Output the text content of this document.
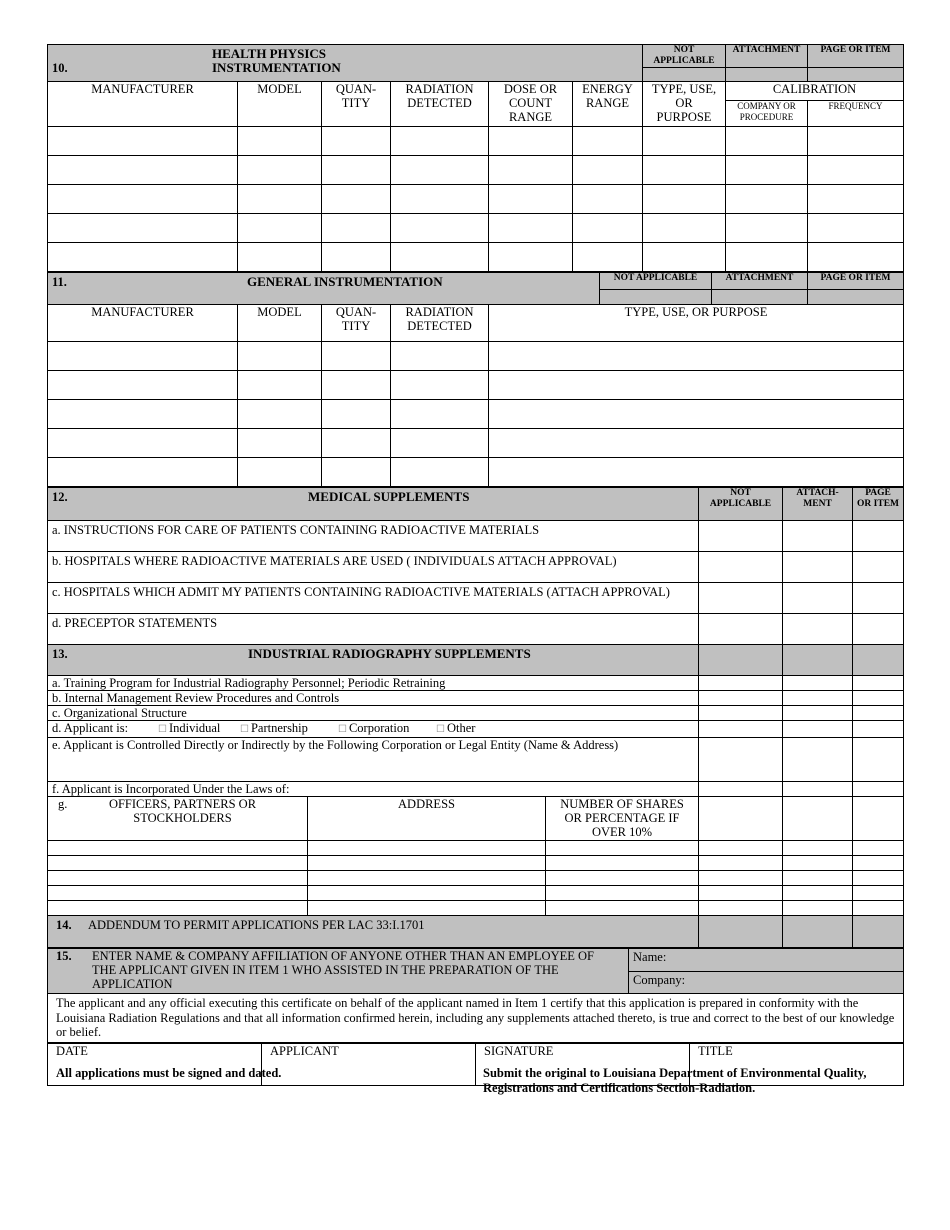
10.HEALTH PHYSICS INSTRUMENTATION						NOT APPLICABLE	ATTACHMENT	PAGE OR ITEM

MANUFACTURER	MODEL	QUAN-TITY	RADIATION DETECTED	DOSE OR COUNT RANGE	ENERGY RANGE	TYPE, USE, OR PURPOSE	CALIBRATION	
							COMPANY OR PROCEDURE	FREQUENCY

11. GENERAL INSTRUMENTATION					NOT APPLICABLE	ATTACHMENT	PAGE OR ITEM

MANUFACTURER	MODEL	QUAN-TITY	RADIATION DETECTED	TYPE, USE, OR PURPOSE			

12. MEDICAL SUPPLEMENTS			NOT APPLICABLE	ATTACH-MENT	PAGE OR ITEM
a. INSTRUCTIONS FOR CARE OF PATIENTS CONTAINING RADIOACTIVE MATERIALS					
b. HOSPITALS WHERE RADIOACTIVE MATERIALS ARE USED ( INDIVIDUALS ATTACH APPROVAL)					
c. HOSPITALS WHICH ADMIT MY PATIENTS CONTAINING RADIOACTIVE MATERIALS (ATTACH APPROVAL)					
d. PRECEPTOR STATEMENTS					
13. INDUSTRIAL RADIOGRAPHY SUPPLEMENTS					
a. Training Program for Industrial Radiography Personnel; Periodic Retraining					
b. Internal Management Review Procedures and Controls					
c. Organizational Structure					
d. Applicant is: ☐ Individual ☐ Partnership ☐ Corporation ☐ Other					
e. Applicant is Controlled Directly or Indirectly by the Following Corporation or Legal Entity (Name & Address)					
f. Applicant is Incorporated Under the Laws of:					

g. OFFICERS, PARTNERS OR STOCKHOLDERS	ADDRESS	NUMBER OF SHARES OR PERCENTAGE IF OVER 10%			

14. ADDENDUM TO PERMIT APPLICATIONS PER LAC 33:I.1701					
15.	ENTER NAME & COMPANY AFFILIATION OF ANYONE OTHER THAN AN EMPLOYEE OF THE APPLICANT GIVEN IN ITEM 1 WHO ASSISTED IN THE PREPARATION OF THE APPLICATION
	Name:
Company:
The applicant and any official executing this certificate on behalf of the applicant named in Item 1 certify that this application is prepared in conformity with the Louisiana Radiation Regulations and that all information confirmed herein, including any supplements attached thereto, is true and correct to the best of our knowledge or belief.
DATE	APPLICANT	SIGNATURE	TITLE
All applications must be signed and dated.	Submit the original to Louisiana Department of Environmental Quality, Registrations and Certifications Section-Radiation.
